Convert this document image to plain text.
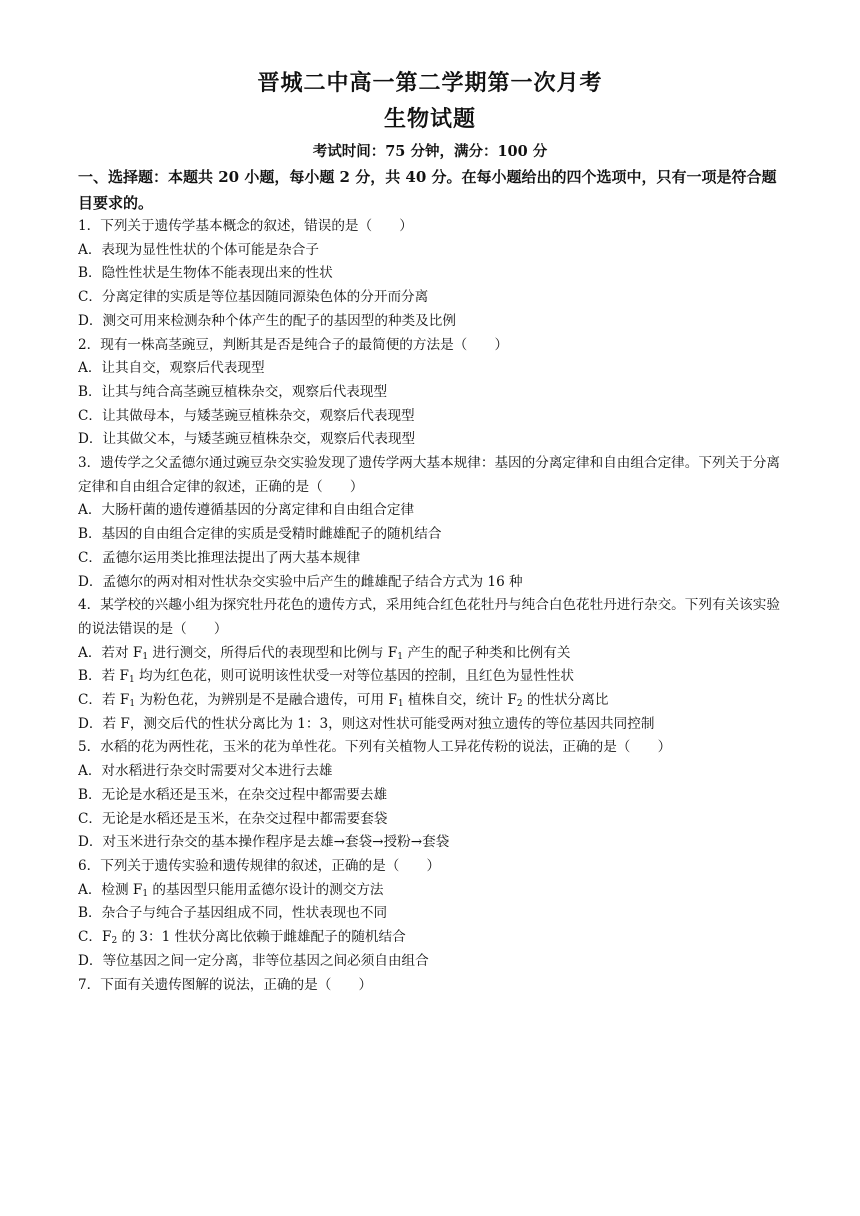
晋城二中高一第二学期第一次月考
生物试题
考试时间：75 分钟，满分：100 分
一、选择题：本题共 20 小题，每小题 2 分，共 40 分。在每小题给出的四个选项中，只有一项是符合题目要求的。
1．下列关于遗传学基本概念的叙述，错误的是（　　）
A．表现为显性性状的个体可能是杂合子
B．隐性性状是生物体不能表现出来的性状
C．分离定律的实质是等位基因随同源染色体的分开而分离
D．测交可用来检测杂种个体产生的配子的基因型的种类及比例
2．现有一株高茎豌豆，判断其是否是纯合子的最简便的方法是（　　）
A．让其自交，观察后代表现型
B．让其与纯合高茎豌豆植株杂交，观察后代表现型
C．让其做母本，与矮茎豌豆植株杂交，观察后代表现型
D．让其做父本，与矮茎豌豆植株杂交，观察后代表现型
3．遗传学之父孟德尔通过豌豆杂交实验发现了遗传学两大基本规律：基因的分离定律和自由组合定律。下列关于分离定律和自由组合定律的叙述，正确的是（　　）
A．大肠杆菌的遗传遵循基因的分离定律和自由组合定律
B．基因的自由组合定律的实质是受精时雌雄配子的随机结合
C．孟德尔运用类比推理法提出了两大基本规律
D．孟德尔的两对相对性状杂交实验中后产生的雌雄配子结合方式为 16 种
4．某学校的兴趣小组为探究牡丹花色的遗传方式，采用纯合红色花牡丹与纯合白色花牡丹进行杂交。下列有关该实验的说法错误的是（　　）
A．若对 $F_1$ 进行测交，所得后代的表现型和比例与 $F_1$ 产生的配子种类和比例有关
B．若 $F_1$ 均为红色花，则可说明该性状受一对等位基因的控制，且红色为显性性状
C．若 $F_1$ 为粉色花，为辨别是不是融合遗传，可用 $F_1$ 植株自交，统计 $F_2$ 的性状分离比
D．若 F，测交后代的性状分离比为 1：3，则这对性状可能受两对独立遗传的等位基因共同控制
5．水稻的花为两性花，玉米的花为单性花。下列有关植物人工异花传粉的说法，正确的是（　　）
A．对水稻进行杂交时需要对父本进行去雄
B．无论是水稻还是玉米，在杂交过程中都需要去雄
C．无论是水稻还是玉米，在杂交过程中都需要套袋
D．对玉米进行杂交的基本操作程序是去雄→套袋→授粉→套袋
6．下列关于遗传实验和遗传规律的叙述，正确的是（　　）
A．检测 $F_1$ 的基因型只能用孟德尔设计的测交方法
B．杂合子与纯合子基因组成不同，性状表现也不同
C．$F_2$ 的 3：1 性状分离比依赖于雌雄配子的随机结合
D．等位基因之间一定分离，非等位基因之间必须自由组合
7．下面有关遗传图解的说法，正确的是（　　）
